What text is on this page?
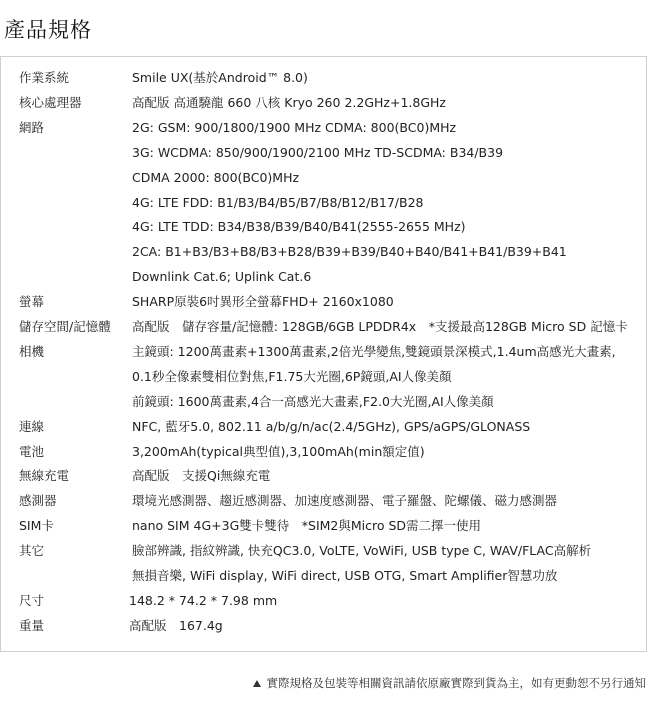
產品規格
作業系統	Smile UX(基於Android™ 8.0)
核心處理器	高配版 高通驍龍 660 八核 Kryo 260 2.2GHz+1.8GHz
網路	2G: GSM: 900/1800/1900 MHz CDMA: 800(BC0)MHz
3G: WCDMA: 850/900/1900/2100 MHz TD-SCDMA: B34/B39
CDMA 2000: 800(BC0)MHz
4G: LTE FDD: B1/B3/B4/B5/B7/B8/B12/B17/B28
4G: LTE TDD: B34/B38/B39/B40/B41(2555-2655 MHz)
2CA: B1+B3/B3+B8/B3+B28/B39+B39/B40+B40/B41+B41/B39+B41
Downlink Cat.6; Uplink Cat.6
螢幕	SHARP原裝6吋異形全螢幕FHD+ 2160x1080
儲存空間/記憶體 高配版　儲存容量/記憶體: 128GB/6GB LPDDR4x　*支援最高128GB Micro SD 記憶卡
相機	主鏡頭: 1200萬畫素+1300萬畫素,2倍光學變焦,雙鏡頭景深模式,1.4um高感光大畫素,
0.1秒全像素雙相位對焦,F1.75大光圈,6P鏡頭,AI人像美顏
前鏡頭: 1600萬畫素,4合一高感光大畫素,F2.0大光圈,AI人像美顏
連線	NFC, 藍牙5.0, 802.11 a/b/g/n/ac(2.4/5GHz), GPS/aGPS/GLONASS
電池	3,200mAh(typical典型值),3,100mAh(min額定值)
無線充電	高配版　支援Qi無線充電
感測器	環境光感測器、趨近感測器、加速度感測器、電子羅盤、陀螺儀、磁力感測器
SIM卡	nano SIM 4G+3G雙卡雙待　*SIM2與Micro SD需二擇一使用
其它	臉部辨識, 指紋辨識, 快充QC3.0, VoLTE, VoWiFi, USB type C, WAV/FLAC高解析
無損音樂, WiFi display, WiFi direct, USB OTG, Smart Amplifier智慧功放
尺寸	148.2 * 74.2 * 7.98 mm
重量	高配版　167.4g
實際規格及包裝等相關資訊請依原廠實際到貨為主，如有更動恕不另行通知
